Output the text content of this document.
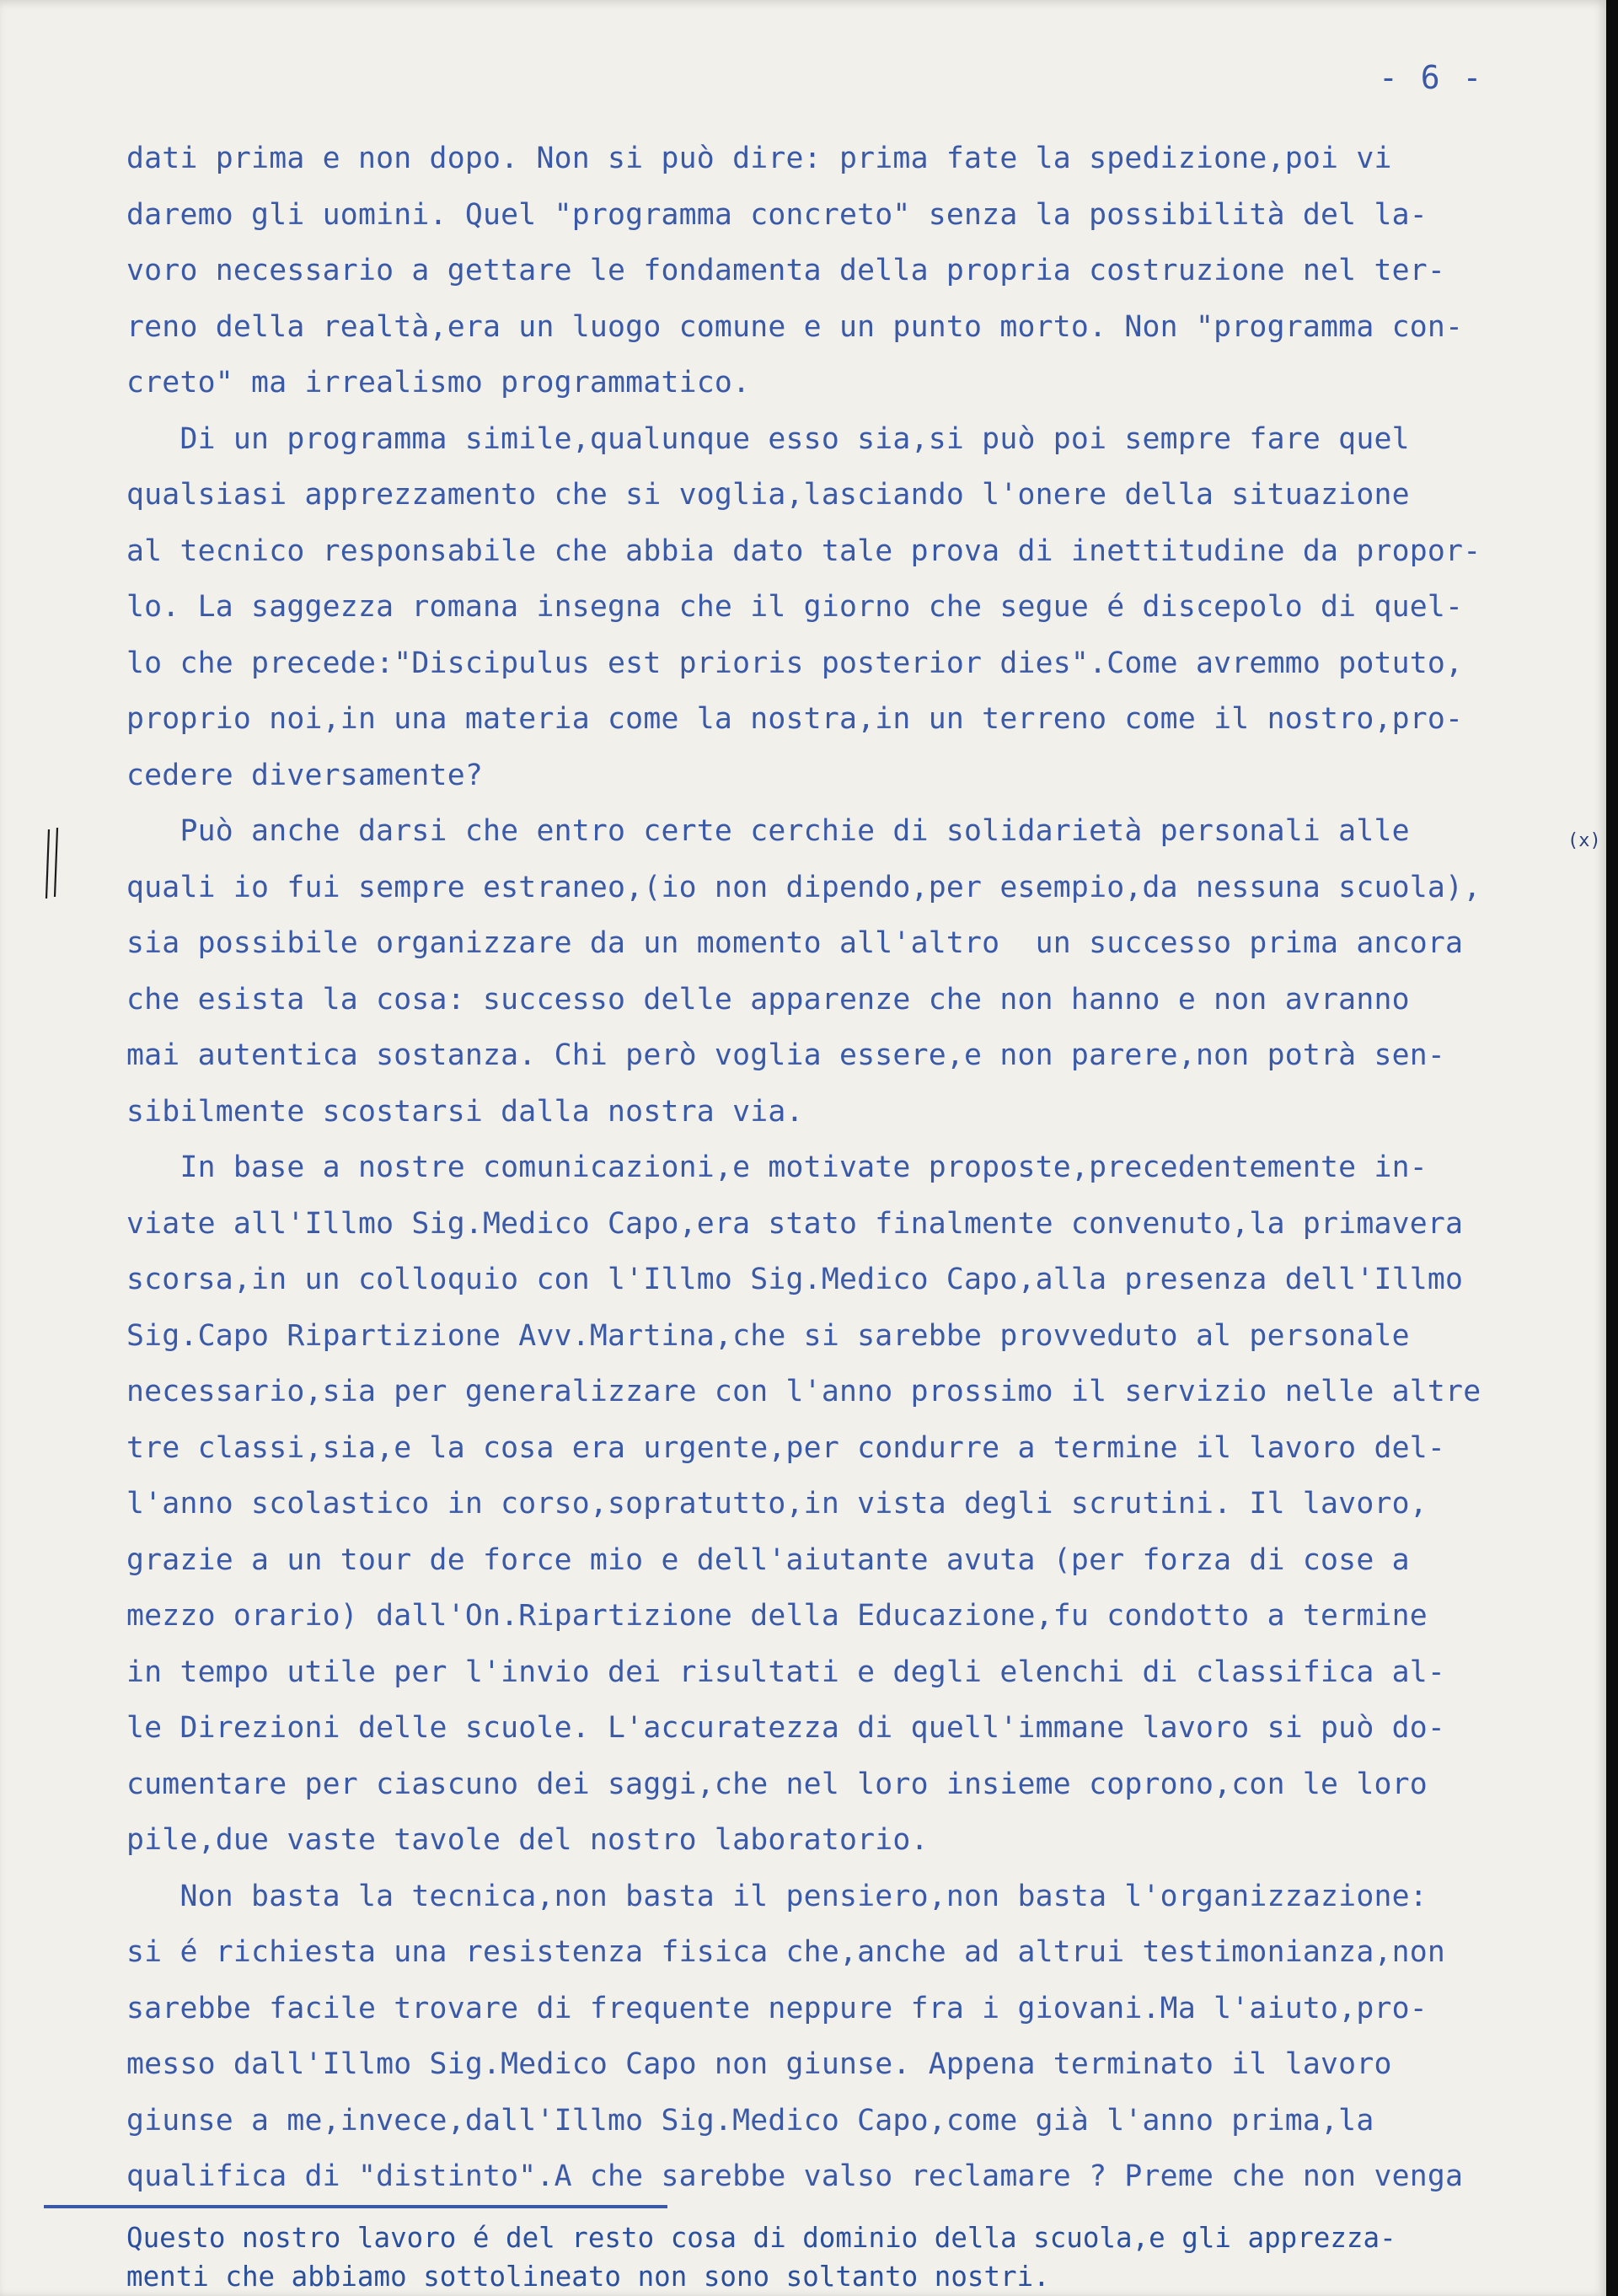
- 6 -
(x)
dati prima e non dopo. Non si può dire: prima fate la spedizione,poi vi
daremo gli uomini. Quel "programma concreto" senza la possibilità del la-
voro necessario a gettare le fondamenta della propria costruzione nel ter-
reno della realtà,era un luogo comune e un punto morto. Non "programma con-
creto" ma irrealismo programmatico.
Di un programma simile,qualunque esso sia,si può poi sempre fare quel
qualsiasi apprezzamento che si voglia,lasciando l'onere della situazione
al tecnico responsabile che abbia dato tale prova di inettitudine da propor-
lo. La saggezza romana insegna che il giorno che segue é discepolo di quel-
lo che precede:"Discipulus est prioris posterior dies".Come avremmo potuto,
proprio noi,in una materia come la nostra,in un terreno come il nostro,pro-
cedere diversamente?
Può anche darsi che entro certe cerchie di solidarietà personali alle
quali io fui sempre estraneo,(io non dipendo,per esempio,da nessuna scuola),
sia possibile organizzare da un momento all'altro  un successo prima ancora
che esista la cosa: successo delle apparenze che non hanno e non avranno
mai autentica sostanza. Chi però voglia essere,e non parere,non potrà sen-
sibilmente scostarsi dalla nostra via.
In base a nostre comunicazioni,e motivate proposte,precedentemente in-
viate all'Illmo Sig.Medico Capo,era stato finalmente convenuto,la primavera
scorsa,in un colloquio con l'Illmo Sig.Medico Capo,alla presenza dell'Illmo
Sig.Capo Ripartizione Avv.Martina,che si sarebbe provveduto al personale
necessario,sia per generalizzare con l'anno prossimo il servizio nelle altre
tre classi,sia,e la cosa era urgente,per condurre a termine il lavoro del-
l'anno scolastico in corso,sopratutto,in vista degli scrutini. Il lavoro,
grazie a un tour de force mio e dell'aiutante avuta (per forza di cose a
mezzo orario) dall'On.Ripartizione della Educazione,fu condotto a termine
in tempo utile per l'invio dei risultati e degli elenchi di classifica al-
le Direzioni delle scuole. L'accuratezza di quell'immane lavoro si può do-
cumentare per ciascuno dei saggi,che nel loro insieme coprono,con le loro
pile,due vaste tavole del nostro laboratorio.
Non basta la tecnica,non basta il pensiero,non basta l'organizzazione:
si é richiesta una resistenza fisica che,anche ad altrui testimonianza,non
sarebbe facile trovare di frequente neppure fra i giovani.Ma l'aiuto,pro-
messo dall'Illmo Sig.Medico Capo non giunse. Appena terminato il lavoro
giunse a me,invece,dall'Illmo Sig.Medico Capo,come già l'anno prima,la
qualifica di "distinto".A che sarebbe valso reclamare ? Preme che non venga
Questo nostro lavoro é del resto cosa di dominio della scuola,e gli apprezza-
menti che abbiamo sottolineato non sono soltanto nostri.
